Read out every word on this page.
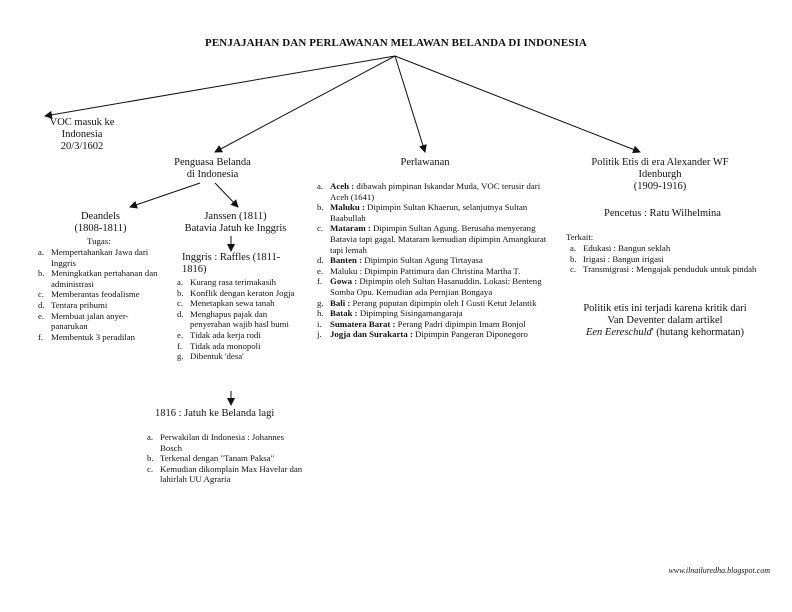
PENJAJAHAN DAN PERLAWANAN MELAWAN BELANDA DI INDONESIA
VOC masuk ke
Indonesia
20/3/1602
Penguasa Belanda
di Indonesia
Deandels
(1808-1811)
Tugas:
a. Mempertahankan Jawa dari Inggris
b. Meningkatkan pertahanan dan administrasi
c. Memberantas feodalisme
d. Tentara pribumi
e. Membuat jalan anyer-panarukan
f. Membentuk 3 peradilan
Janssen (1811)
Batavia Jatuh ke Inggris
Inggris : Raffles (1811-1816)
a. Kurang rasa terimakasih
b. Konflik dengan keraton Jogja
c. Menetapkan sewa tanah
d. Menghapus pajak dan penyerahan wajib hasl bumi
e. Tidak ada kerja rodi
f. Tidak ada monopoli
g. Dibentuk 'desa'
1816 : Jatuh ke Belanda lagi
a. Perwakilan di Indonesia : Johannes Bosch
b. Terkenal dengan "Tanam Paksa"
c. Kemudian dikomplain Max Havelar dan lahirlah UU Agraria
Perlawanan
a. Aceh : dibawah pimpinan Iskandar Muda, VOC terusir dari Aceh (1641)
b. Maluku : Dipimpin Sultan Khaerun, selanjutnya Sultan Baabullah
c. Mataram : Dipimpin Sultan Agung. Berusaha menyerang Batavia tapi gagal. Mataram kemudian dipimpin Amangkurat tapi lemah
d. Banten : Dipimpin Sultan Agung Tirtayasa
e. Maluku : Dipimpin Pattimura dan Christina Martha T.
f. Gowa : Dipimpin oleh Sultan Hasanuddin. Lokasi: Benteng Somba Opu. Kemudian ada Pernjian Bongaya
g. Bali : Perang puputan dipimpin oleh I Gusti Ketut Jelantik
h. Batak : Dipimping Sisingamangaraja
i. Sumatera Barat : Perang Padri dipimpin Imam Bonjol
j. Jogja dan Surakarta : Dipimpin Pangeran Diponegoro
Politik Etis di era Alexander WF
Idenburgh
(1909-1916)
Pencetus : Ratu Wilhelmina
Terkait:
a. Edukasi : Bangun seklah
b. Irigasi : Bangun irigasi
c. Transmigrasi : Mengajak penduduk untuk pindah
Politik etis ini terjadi karena kritik dari
Van Deventer dalam artikel
Een Eereschuld' (hutang kehormatan)
www.ilnailuredha.blogspot.com
